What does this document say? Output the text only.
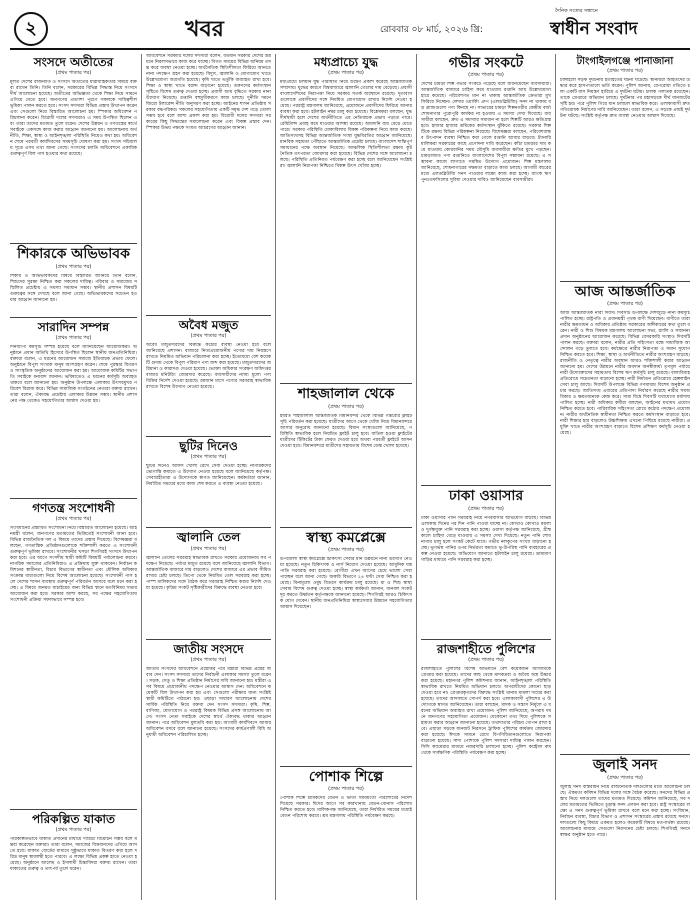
২	খবর	রোববার ০৮ মার্চ, ২০২৬ খ্রি:
দৈনিক সত্যের সন্ধানে
স্বাধীন সংবাদ
সংসদে অতীতের
(প্রথম পাতার পর)
মূলত দেশের রাজনীতি ও সংসদে অতীতের ধারাবাহিকতার বিষয়ে বক্তব্য রাখেন তিনি। তিনি বলেন, সরকারের বিভিন্ন সিদ্ধান্ত নিয়ে সংসদে দীর্ঘ আলোচনা হয়েছে। অতীতের অভিজ্ঞতা থেকে শিক্ষা নিয়ে সামনে এগিয়ে যেতে হবে। জনগণের প্রত্যাশা পূরণে সকলকে দায়িত্বশীল ভূমিকা পালন করতে হবে। সংসদ সদস্যরা বিভিন্ন প্রস্তাব উত্থাপন করেন এবং সেগুলো নিয়ে বিস্তারিত আলোচনা হয়। স্পিকার অধিবেশন পরিচালনা করেন। বিরোধী দলের সদস্যরাও এ সময় উপস্থিত ছিলেন এবং তারা তাদের মতামত তুলে ধরেন। দেশের উন্নয়ন ও গণতন্ত্রের স্বার্থে সবাইকে একসঙ্গে কাজ করার আহ্বান জানানো হয়। আলোচনায় অর্থনীতি, শিক্ষা, স্বাস্থ্য ও আইনশৃঙ্খলা পরিস্থিতি নিয়েও কথা হয়। অধিবেশন শেষে পরবর্তী কার্যদিবসের সময়সূচি ঘোষণা করা হয়। সংসদ সচিবালয় সূত্রে এসব তথ্য জানা গেছে। সংসদের চলতি অধিবেশনে একাধিক গুরুত্বপূর্ণ বিল পাস হওয়ার কথা রয়েছে।
শিকারকে অভিভাবক
(প্রথম পাতার পর)
শিকার ও অভিভাবকদের বিষয়ে বিস্তারিত জানিয়ে তিনি বলেন, শিশুদের সুরক্ষা নিশ্চিত করা সকলের দায়িত্ব। পরিবার ও সমাজের সম্মিলিত প্রচেষ্টায় এ সমস্যা সমাধান সম্ভব। স্থানীয় প্রশাসন বিষয়টি গুরুত্বের সঙ্গে দেখছে বলে জানা গেছে। অভিভাবকদের সচেতন হওয়ার আহ্বান জানানো হয়।
সারাদিন সম্পন্ন
(প্রথম পাতার পর)
দিনব্যাপী কর্মসূচি সম্পন্ন হয়েছে বলে জানিয়েছেন আয়োজকরা। অনুষ্ঠানে প্রধান অতিথি হিসেবে উপস্থিত ছিলেন স্থানীয় জনপ্রতিনিধিরা। বক্তারা বলেন, এ ধরনের আয়োজন সমাজে ইতিবাচক প্রভাব ফেলে। অনুষ্ঠানে বিপুল সংখ্যক মানুষ অংশগ্রহণ করেন। শেষে পুরস্কার বিতরণ ও সাংস্কৃতিক অনুষ্ঠানের আয়োজন করা হয়। আয়োজক কমিটির সভাপতি সবাইকে ধন্যবাদ জানান। ভবিষ্যতেও এ ধরনের কর্মসূচি অব্যাহত থাকবে বলে জানানো হয়। অনুষ্ঠান উপলক্ষে এলাকায় উৎসবমুখর পরিবেশ বিরাজ করে। বিভিন্ন সামাজিক সংগঠনের নেতারা বক্তব্য রাখেন। তারা বলেন, ঐক্যবদ্ধ প্রচেষ্টায় এলাকার উন্নয়ন সম্ভব। স্থানীয় প্রশাসনের পক্ষ থেকেও সহযোগিতার আশ্বাস দেওয়া হয়।
গণতন্ত্র সংশোধনী
(প্রথম পাতার পর)
সংবিধানের প্রস্তাবিত সংশোধনী নিয়ে বিস্তারিত আলোচনা হয়েছে। আইনমন্ত্রী বলেন, জনগণের মতামতের ভিত্তিতেই সংশোধনী আনা হবে। বিভিন্ন রাজনৈতিক দল এ বিষয়ে তাদের প্রস্তাব দিয়েছে। বিশেষজ্ঞরা বলছেন, গণতান্ত্রিক প্রতিষ্ঠানগুলোকে শক্তিশালী করতে এ সংশোধনী গুরুত্বপূর্ণ ভূমিকা রাখবে। সংশোধনীর খসড়া শিগগিরই সংসদে উত্থাপন করা হবে। এর আগে সংসদীয় স্থায়ী কমিটি বিষয়টি পর্যালোচনা করবে। নাগরিক সমাজের প্রতিনিধিরাও এ প্রক্রিয়ায় যুক্ত থাকবেন। নির্বাচন কমিশনের স্বাধীনতা, বিচার বিভাগের স্বাধীনতা এবং মৌলিক অধিকার সংক্রান্ত ধারাগুলো নিয়ে বিশেষ আলোচনা হয়েছে। সংশোধনী পাস হলে দেশের শাসন ব্যবস্থায় গুরুত্বপূর্ণ পরিবর্তন আসবে বলে মনে করা হচ্ছে। এ বিষয়ে জনমত যাচাইয়ের জন্য বিভিন্ন স্থানে মতবিনিময় সভার আয়োজন করা হবে। সরকার আশা করছে, সব পক্ষের সহযোগিতায় সংশোধনী প্রক্রিয়া সফলভাবে সম্পন্ন হবে।
পরিকল্পিত যাকাত
(প্রথম পাতার পর)
পরিকল্পিতভাবে যাকাত প্রদানের মাধ্যমে দারিদ্র্য বিমোচন সম্ভব বলে মন্তব্য করেছেন বক্তারা। তারা বলেন, সমাজের বিত্তবানদের এগিয়ে আসতে হবে। যাকাত বোর্ডের মাধ্যমে সুষ্ঠুভাবে যাকাত বিতরণ করা হলে দরিদ্র মানুষ স্বাবলম্বী হতে পারবে। এ লক্ষ্যে বিভিন্ন প্রকল্প হাতে নেওয়া হয়েছে। অনুষ্ঠানে আলেম ও ইসলামী চিন্তাবিদরা বক্তব্য রাখেন। তারা যাকাতের গুরুত্ব ও তাৎপর্য তুলে ধরেন।
অধিবেশনে সরকারি দলের সদস্যরা বলেন, বর্তমান সরকার দেশের উন্নয়নে নিরলসভাবে কাজ করে যাচ্ছে। বিগত সময়ের বিভিন্ন অনিয়ম তদন্ত করে ব্যবস্থা নেওয়া হচ্ছে। অর্থনৈতিক স্থিতিশীলতা ফিরিয়ে আনতে নানা পদক্ষেপ গ্রহণ করা হয়েছে। বিদ্যুৎ, জ্বালানি ও যোগাযোগ খাতে উল্লেখযোগ্য অগ্রগতি হয়েছে। কৃষি খাতে ভর্তুকি অব্যাহত রাখা হবে। শিক্ষা ও স্বাস্থ্য খাতে বরাদ্দ বাড়ানো হয়েছে। তরুণদের কর্মসংস্থান সৃষ্টিতে বিশেষ গুরুত্ব দেওয়া হচ্ছে। প্রবাসী আয় বৃদ্ধিতে সরকার নানা উদ্যোগ নিয়েছে। রপ্তানি বহুমুখীকরণে কাজ চলছে। দুর্নীতি দমনে জিরো টলারেন্স নীতি অনুসরণ করা হচ্ছে। আইনের শাসন প্রতিষ্ঠায় সরকার বদ্ধপরিকর। সকলের সহযোগিতায় একটি সমৃদ্ধ দেশ গড়ে তোলা সম্ভব হবে বলে আশা প্রকাশ করা হয়। বিরোধী দলের সদস্যরা সরকারের কিছু সিদ্ধান্তের সমালোচনা করেন এবং বিকল্প প্রস্তাব দেন। স্পিকার উভয় পক্ষকে সংযত আচরণের আহ্বান জানান।
অবৈধ মজুত
(প্রথম পাতার পর)
অবৈধ মজুতদারদের বিরুদ্ধে কঠোর ব্যবস্থা নেওয়া হবে বলে জানিয়েছে প্রশাসন। বাজারে নিত্যপ্রয়োজনীয় পণ্যের দাম নিয়ন্ত্রণে রাখতে নিয়মিত অভিযান পরিচালনা করা হচ্ছে। ইতোমধ্যে বেশ কয়েকটি গুদাম থেকে বিপুল পরিমাণ পণ্য জব্দ করা হয়েছে। মজুতদারদের জরিমানা ও কারাদণ্ড দেওয়া হয়েছে। ভোক্তা অধিকার সংরক্ষণ অধিদপ্তর বাজার মনিটরিং জোরদার করেছে। ব্যবসায়ীদের ন্যায্য মূল্যে পণ্য বিক্রির নির্দেশ দেওয়া হয়েছে। রমজান মাসে পণ্যের সরবরাহ স্বাভাবিক রাখতে বিশেষ উদ্যোগ নেওয়া হয়েছে।
ছুটির দিনেও
(প্রথম পাতার পর)
ছুটির দিনেও অফিস খোলা রেখে সেবা দেওয়া হচ্ছে। নাগরিকদের ভোগান্তি কমাতে এ উদ্যোগ নেওয়া হয়েছে বলে জানিয়েছে কর্তৃপক্ষ। সেবাগ্রহীতারা এ উদ্যোগকে স্বাগত জানিয়েছেন। কর্মকর্তারা জানান, নির্ধারিত সময়ের মধ্যে কাজ শেষ করতে এ ব্যবস্থা নেওয়া হয়েছে।
জ্বালানি তেল
(প্রথম পাতার পর)
জ্বালানি তেলের সরবরাহ স্বাভাবিক রাখতে সরকার প্রয়োজনীয় সব পদক্ষেপ নিয়েছে। পর্যাপ্ত মজুত রয়েছে বলে জানিয়েছে জ্বালানি বিভাগ। আন্তর্জাতিক বাজারে দাম বাড়লেও দেশের বাজারে এর প্রভাব সীমিত রাখার চেষ্টা চলছে। ডিপো থেকে নিয়মিত তেল সরবরাহ করা হচ্ছে। পাম্প মালিকদের সঙ্গে বৈঠক করে সরবরাহ নিশ্চিত করার নির্দেশ দেওয়া হয়েছে। কৃত্রিম সংকট সৃষ্টিকারীদের বিরুদ্ধে ব্যবস্থা নেওয়া হবে।
জাতীয় সংসদে
(প্রথম পাতার পর)
জাতীয় সংসদের অধিবেশনে প্রশ্নোত্তর পর্বে মন্ত্রীরা বিভিন্ন প্রশ্নের জবাব দেন। সংসদ সদস্যরা তাদের নির্বাচনী এলাকার সমস্যা তুলে ধরেন। সড়ক, সেতু ও শিক্ষা প্রতিষ্ঠান নির্মাণের দাবি জানানো হয়। মন্ত্রীরা এসব বিষয়ে প্রয়োজনীয় পদক্ষেপ নেওয়ার আশ্বাস দেন। অধিবেশনে কয়েকটি বিল উত্থাপন করা হয় এবং সেগুলো পরীক্ষার জন্য সংশ্লিষ্ট স্থায়ী কমিটিতে পাঠানো হয়। এছাড়া সাধারণ আলোচনায় দেশের সার্বিক পরিস্থিতি নিয়ে বক্তব্য দেন সংসদ সদস্যরা। কৃষি, শিল্প, বাণিজ্য, যোগাযোগ ও পররাষ্ট্র বিষয়ক বিভিন্ন প্রসঙ্গ আলোচনায় আসে। সংসদ নেতা সবাইকে দেশের স্বার্থে ঐক্যবদ্ধ থাকার আহ্বান জানান। পরে অধিবেশন মুলতবি করা হয়। আগামী কার্যদিবসে আবার অধিবেশন বসবে বলে জানানো হয়েছে। সংসদের কার্যপ্রণালী বিধি অনুযায়ী অধিবেশন পরিচালিত হচ্ছে।
মধ্যপ্রাচ্যে যুদ্ধ
(প্রথম পাতার পর)
মধ্যপ্রাচ্যে চলমান যুদ্ধ পরিস্থিতি নিয়ে উদ্বেগ প্রকাশ করেছে আন্তর্জাতিক সম্প্রদায়। যুদ্ধের কারণে বিশ্ববাজারে জ্বালানি তেলের দাম বেড়েছে। প্রবাসী বাংলাদেশিদের নিরাপত্তা নিয়ে সরকার সতর্ক অবস্থানে রয়েছে। দূতাবাসগুলোকে প্রবাসীদের সঙ্গে নিয়মিত যোগাযোগ রাখার নির্দেশ দেওয়া হয়েছে। পররাষ্ট্র মন্ত্রণালয় জানিয়েছে, প্রয়োজনে প্রবাসীদের ফিরিয়ে আনার ব্যবস্থা করা হবে। হটলাইন নম্বর চালু করা হয়েছে। বিশ্লেষকরা বলছেন, যুদ্ধ দীর্ঘস্থায়ী হলে দেশের অর্থনীতিতে এর নেতিবাচক প্রভাব পড়তে পারে। রেমিট্যান্স প্রবাহ কমে যাওয়ার আশঙ্কা রয়েছে। আমদানি ব্যয় বেড়ে যেতে পারে। সরকার পরিস্থিতি মোকাবিলায় বিকল্প পরিকল্পনা নিয়ে কাজ করছে। জাতিসংঘসহ বিভিন্ন আন্তর্জাতিক সংস্থা যুদ্ধবিরতির আহ্বান জানিয়েছে। মানবিক সহায়তা পৌঁছাতে আন্তর্জাতিক প্রচেষ্টা চলছে। বাংলাদেশ শান্তিপূর্ণ সমাধানের পক্ষে অবস্থান নিয়েছে। আঞ্চলিক স্থিতিশীলতা রক্ষায় কূটনৈতিক তৎপরতা জোরদার করা হয়েছে। বিভিন্ন দেশের সঙ্গে আলোচনা চলছে। পরিস্থিতি প্রতিনিয়ত পর্যবেক্ষণ করা হচ্ছে বলে জানিয়েছেন সংশ্লিষ্টরা। জ্বালানি নিরাপত্তা নিশ্চিতে বিকল্প উৎস খোঁজা হচ্ছে।
শাহজালাল থেকে
(প্রথম পাতার পর)
হযরত শাহজালাল আন্তর্জাতিক বিমানবন্দর থেকে বিভিন্ন গন্তব্যের ফ্লাইট সূচি পরিবর্তন করা হয়েছে। যাত্রীদের আগে থেকে খোঁজ নিয়ে বিমানবন্দরে আসার অনুরোধ জানানো হয়েছে। বিমান সংস্থাগুলো জানিয়েছে, পরিস্থিতি স্বাভাবিক হলে নিয়মিত ফ্লাইট চালু হবে। বাতিল হওয়া ফ্লাইটের যাত্রীদের টিকিটের টাকা ফেরত দেওয়া হবে অথবা পরবর্তী ফ্লাইটে আসন দেওয়া হবে। বিমানবন্দরে যাত্রীদের সহায়তায় বিশেষ ডেস্ক খোলা হয়েছে।
স্বাস্থ্য কমপ্লেক্সে
(প্রথম পাতার পর)
উপজেলা স্বাস্থ্য কমপ্লেক্সে চিকিৎসা সেবার মান উন্নয়নে নানা উদ্যোগ নেওয়া হয়েছে। নতুন চিকিৎসক ও নার্স নিয়োগ দেওয়া হয়েছে। আধুনিক যন্ত্রপাতি সরবরাহ করা হয়েছে। রোগীরা এখন আগের চেয়ে ভালো সেবা পাচ্ছেন বলে জানা গেছে। জরুরি বিভাগে ২৪ ঘণ্টা সেবা নিশ্চিত করা হয়েছে। বিনামূল্যে ওষুধ বিতরণ কার্যক্রম চালু রয়েছে। মা ও শিশু স্বাস্থ্য সেবায় বিশেষ গুরুত্ব দেওয়া হচ্ছে। স্বাস্থ্য কর্মকর্তা জানান, জনবল সংকট দূর করতে উর্ধ্বতন কর্তৃপক্ষকে জানানো হয়েছে। শিগগিরই আরও চিকিৎসক যোগ দেবেন। স্থানীয় জনপ্রতিনিধিরা স্বাস্থ্যসেবার উন্নয়নে সহযোগিতার আশ্বাস দিয়েছেন।
পোশাক শিল্পে
(প্রথম পাতার পর)
পোশাক শিল্পে শ্রমিকদের বেতন ও ভাতা সময়মতো পরিশোধের নির্দেশ দিয়েছে সরকার। ঈদের আগে সব কারখানায় বেতন-বোনাস পরিশোধ নিশ্চিত করতে হবে। মালিকপক্ষ জানিয়েছে, তারা নির্ধারিত সময়ের মধ্যেই বেতন পরিশোধ করবে। শ্রম মন্ত্রণালয় পরিস্থিতি পর্যবেক্ষণ করছে।
গভীর সংকটে
(প্রথম পাতার পর)
দেশের চামড়া শিল্প গভীর সংকটে পড়েছে বলে জানিয়েছেন ব্যবসায়ীরা। আন্তর্জাতিক বাজারে চাহিদা কমে যাওয়ায় রপ্তানি আয় উল্লেখযোগ্য হারে কমেছে। পরিবেশগত মান না থাকায় আন্তর্জাতিক ক্রেতারা মুখ ফিরিয়ে নিচ্ছেন। লেদার ওয়ার্কিং গ্রুপ (এলডব্লিউজি) সনদ না থাকায় বড় ব্র্যান্ডগুলো পণ্য কিনছে না। সাভারের চামড়া শিল্পনগরীর কেন্দ্রীয় বর্জ্য শোধনাগার পুরোপুরি কার্যকর না হওয়ায় এ সমস্যা দেখা দিয়েছে। ব্যবসায়ীরা বলছেন, দ্রুত এ সমস্যার সমাধান না হলে শিল্পটি আরও ক্ষতিগ্রস্ত হবে। হাজার হাজার শ্রমিকের কর্মসংস্থান ঝুঁকিতে রয়েছে। সরকার শিল্পটিকে রক্ষায় বিভিন্ন পরিকল্পনা নিয়েছে। বিশেষজ্ঞরা বলছেন, পরিবেশবান্ধব উৎপাদন ব্যবস্থা নিশ্চিত করা গেলে রপ্তানি আবার বাড়বে। ট্যানারি মালিকরা সরকারের কাছে প্রণোদনা দাবি করেছেন। কাঁচা চামড়ার দাম কমে যাওয়ায় কোরবানির সময় মৌসুমি ব্যবসায়ীরা ক্ষতির মুখে পড়ছেন। চামড়াজাত পণ্য রপ্তানিতে বাংলাদেশের বিপুল সম্ভাবনা রয়েছে। এ সম্ভাবনা কাজে লাগাতে সমন্বিত উদ্যোগ প্রয়োজন। শিল্প মন্ত্রণালয় জানিয়েছে, শোধনাগারের সক্ষমতা বাড়াতে কাজ চলছে। আগামী বছরের মধ্যে এলডব্লিউজি সনদ পাওয়ার লক্ষ্যে কাজ করা হচ্ছে। ব্যাংক ঋণ পুনঃতফসিলের সুবিধা দেওয়ার দাবিও জানিয়েছেন ব্যবসায়ীরা।
ঢাকা ওয়াসার
(প্রথম পাতার পর)
ঢাকা ওয়াসার পানি সরবরাহ নিয়ে নগরবাসীর অভিযোগ বাড়ছে। বিভিন্ন এলাকায় দিনের পর দিন পানি পাওয়া যাচ্ছে না। কোথাও কোথাও ময়লা ও দুর্গন্ধযুক্ত পানি সরবরাহ করা হচ্ছে। ওয়াসা কর্তৃপক্ষ জানিয়েছে, গ্রীষ্মকালে চাহিদা বেড়ে যাওয়ায় এ সমস্যা দেখা দিয়েছে। নতুন পানি শোধনাগার চালু হলে সংকট কেটে যাবে। গভীর নলকূপের সংখ্যা বাড়ানো হচ্ছে। ভূগর্ভস্থ পানির ওপর নির্ভরতা কমাতে ভূ-উপরিস্থ পানি ব্যবহারের প্রকল্প নেওয়া হয়েছে। অভিযোগ জানাতে হটলাইন চালু রয়েছে। ভ্রাম্যমাণ গাড়ির মাধ্যমে পানি সরবরাহ করা হচ্ছে।
রাজশাহীতে পুলিশের
(প্রথম পাতার পর)
রাজশাহীতে পুলিশের বিশেষ অভিযানে বেশ কয়েকজন আসামিকে গ্রেপ্তার করা হয়েছে। তাদের কাছ থেকে মাদকদ্রব্য ও অবৈধ অস্ত্র উদ্ধার করা হয়েছে। মহানগর পুলিশ কমিশনার জানান, আইনশৃঙ্খলা পরিস্থিতি স্বাভাবিক রাখতে নিয়মিত অভিযান চলবে। অপরাধীদের কোনো ছাড় দেওয়া হবে না। গ্রেপ্তারকৃতদের বিরুদ্ধে সংশ্লিষ্ট থানায় মামলা দায়ের করা হয়েছে। তাদের আদালতে সোপর্দ করা হবে। এলাকাবাসী পুলিশের এ উদ্যোগকে স্বাগত জানিয়েছেন। তারা বলছেন, মাদক ও সন্ত্রাস নির্মূলে এ ধরনের অভিযান অব্যাহত রাখা প্রয়োজন। পুলিশ জানিয়েছে, অপরাধ দমনে জনগণের সহযোগিতা প্রয়োজন। যেকোনো তথ্য দিয়ে পুলিশকে সহায়তা করার আহ্বান জানানো হয়েছে। তথ্যদাতার পরিচয় গোপন রাখা হবে। এছাড়া সড়কে যানজট নিরসনে ট্রাফিক পুলিশের কার্যক্রম জোরদার করা হয়েছে। ঈদকে সামনে রেখে বিপণিবিতানগুলোতে নিরাপত্তা বাড়ানো হয়েছে। সাদা পোশাকে পুলিশ সদস্যরা দায়িত্ব পালন করছেন। সিসি ক্যামেরার মাধ্যমে নজরদারি চালানো হচ্ছে। পুলিশ কন্ট্রোল রুম থেকে সার্বক্ষণিক পরিস্থিতি পর্যবেক্ষণ করা হচ্ছে।
টাংগাইলগঞ্জে পানাজানা
(প্রথম পাতার পর)
টাঙ্গাইলে সড়ক দুর্ঘটনায় হতাহতের ঘটনা ঘটেছে। স্থানীয়রা আহতদের উদ্ধার করে হাসপাতালে ভর্তি করেন। পুলিশ জানায়, বেপরোয়া গতিতে চলা একটি বাস নিয়ন্ত্রণ হারিয়ে এ দুর্ঘটনা ঘটায়। চালক পলাতক রয়েছেন। তাকে গ্রেপ্তারে অভিযান চলছে। দুর্ঘটনার পর মহাসড়কে দীর্ঘ যানজটের সৃষ্টি হয়। পরে পুলিশ গিয়ে যান চলাচল স্বাভাবিক করে। এলাকাবাসী দ্রুত গতিরোধক নির্মাণের দাবি জানিয়েছেন। তারা বলেন, এ সড়কে প্রায়ই দুর্ঘটনা ঘটছে। সংশ্লিষ্ট কর্তৃপক্ষ দ্রুত ব্যবস্থা নেওয়ার আশ্বাস দিয়েছে।
আজ আন্তর্জাতিক
(প্রথম পাতার পর)
আজ আন্তর্জাতিক নারী দিবস। দিবসটি উপলক্ষে দেশজুড়ে নানা কর্মসূচি পালিত হচ্ছে। রাষ্ট্রপতি ও প্রধানমন্ত্রী পৃথক বাণী দিয়েছেন। বাণীতে তারা নারীর ক্ষমতায়ন ও অধিকার প্রতিষ্ঠায় সরকারের অঙ্গীকারের কথা তুলে ধরেন। নারী ও শিশু বিষয়ক মন্ত্রণালয় আলোচনা সভা, র‍্যালি ও সম্মাননা প্রদান অনুষ্ঠানের আয়োজন করেছে। বিভিন্ন বেসরকারি সংস্থাও দিবসটি পালন করছে। বক্তারা বলেন, নারীর প্রতি সহিংসতা বন্ধে সামাজিক আন্দোলন গড়ে তুলতে হবে। কর্মক্ষেত্রে নারীর নিরাপত্তা ও সমান সুযোগ নিশ্চিত করতে হবে। শিক্ষা, স্বাস্থ্য ও অর্থনীতিতে নারীর অংশগ্রহণ বাড়ছে। রাজনীতি ও নেতৃত্বে নারীর অবস্থান আরও শক্তিশালী করার আহ্বান জানানো হয়। দেশের উন্নয়নে নারীর অবদান অনস্বীকার্য। তৃণমূল পর্যায়ে নারী উদ্যোক্তাদের সহায়তায় বিশেষ ঋণ কর্মসূচি চালু রয়েছে। বাল্যবিবাহ প্রতিরোধে সচেতনতা বাড়ানো হচ্ছে। নারী নির্যাতন প্রতিরোধে হেল্পলাইন সেবা চালু আছে। দিবসটি উপলক্ষে বিভিন্ন গণমাধ্যম বিশেষ অনুষ্ঠান প্রচার করছে। জাতিসংঘ এবারের প্রতিপাদ্য নির্ধারণ করেছে নারীর সমঅধিকার ও ক্ষমতায়নকে কেন্দ্র করে। সারা বিশ্বে দিবসটি যথাযোগ্য মর্যাদায় পালিত হচ্ছে। নারী অধিকার কর্মীরা বলছেন, আইনের যথাযথ প্রয়োগ নিশ্চিত করতে হবে। পারিবারিক সহিংসতা রোধে কঠোর পদক্ষেপ প্রয়োজন। নারীর অর্থনৈতিক স্বাধীনতা নিশ্চিত করতে কর্মসংস্থান বাড়াতে হবে। নারী শিক্ষার হার বাড়লেও উচ্চশিক্ষায় এখনো পিছিয়ে রয়েছে নারীরা। প্রযুক্তি খাতে নারীর অংশগ্রহণ বাড়াতে বিশেষ প্রশিক্ষণ কর্মসূচি নেওয়া হয়েছে।
জুলাই সনদ
(প্রথম পাতার পর)
জুলাই সনদ বাস্তবায়ন নিয়ে রাজনৈতিক দলগুলোর মধ্যে আলোচনা চলছে। ঐকমত্য কমিশন বিভিন্ন দলের সঙ্গে বৈঠক করেছে। সনদের বিভিন্ন প্রস্তাব নিয়ে দলগুলো তাদের মতামত দিয়েছে। কমিশন জানিয়েছে, সব দলের মতামতের ভিত্তিতে চূড়ান্ত সনদ প্রণয়ন করা হবে। রাষ্ট্র সংস্কারের লক্ষ্যে এ সনদ গুরুত্বপূর্ণ ভূমিকা রাখবে বলে মনে করা হচ্ছে। সংবিধান, নির্বাচন ব্যবস্থা, বিচার বিভাগ ও প্রশাসন সংস্কারের প্রস্তাব রয়েছে সনদে। দলগুলো কিছু বিষয়ে একমত হলেও কয়েকটি বিষয়ে মতপার্থক্য রয়েছে। আলোচনার মাধ্যমে সেগুলো নিরসনের চেষ্টা চলছে। শিগগিরই সনদে স্বাক্ষর অনুষ্ঠান হতে পারে।
